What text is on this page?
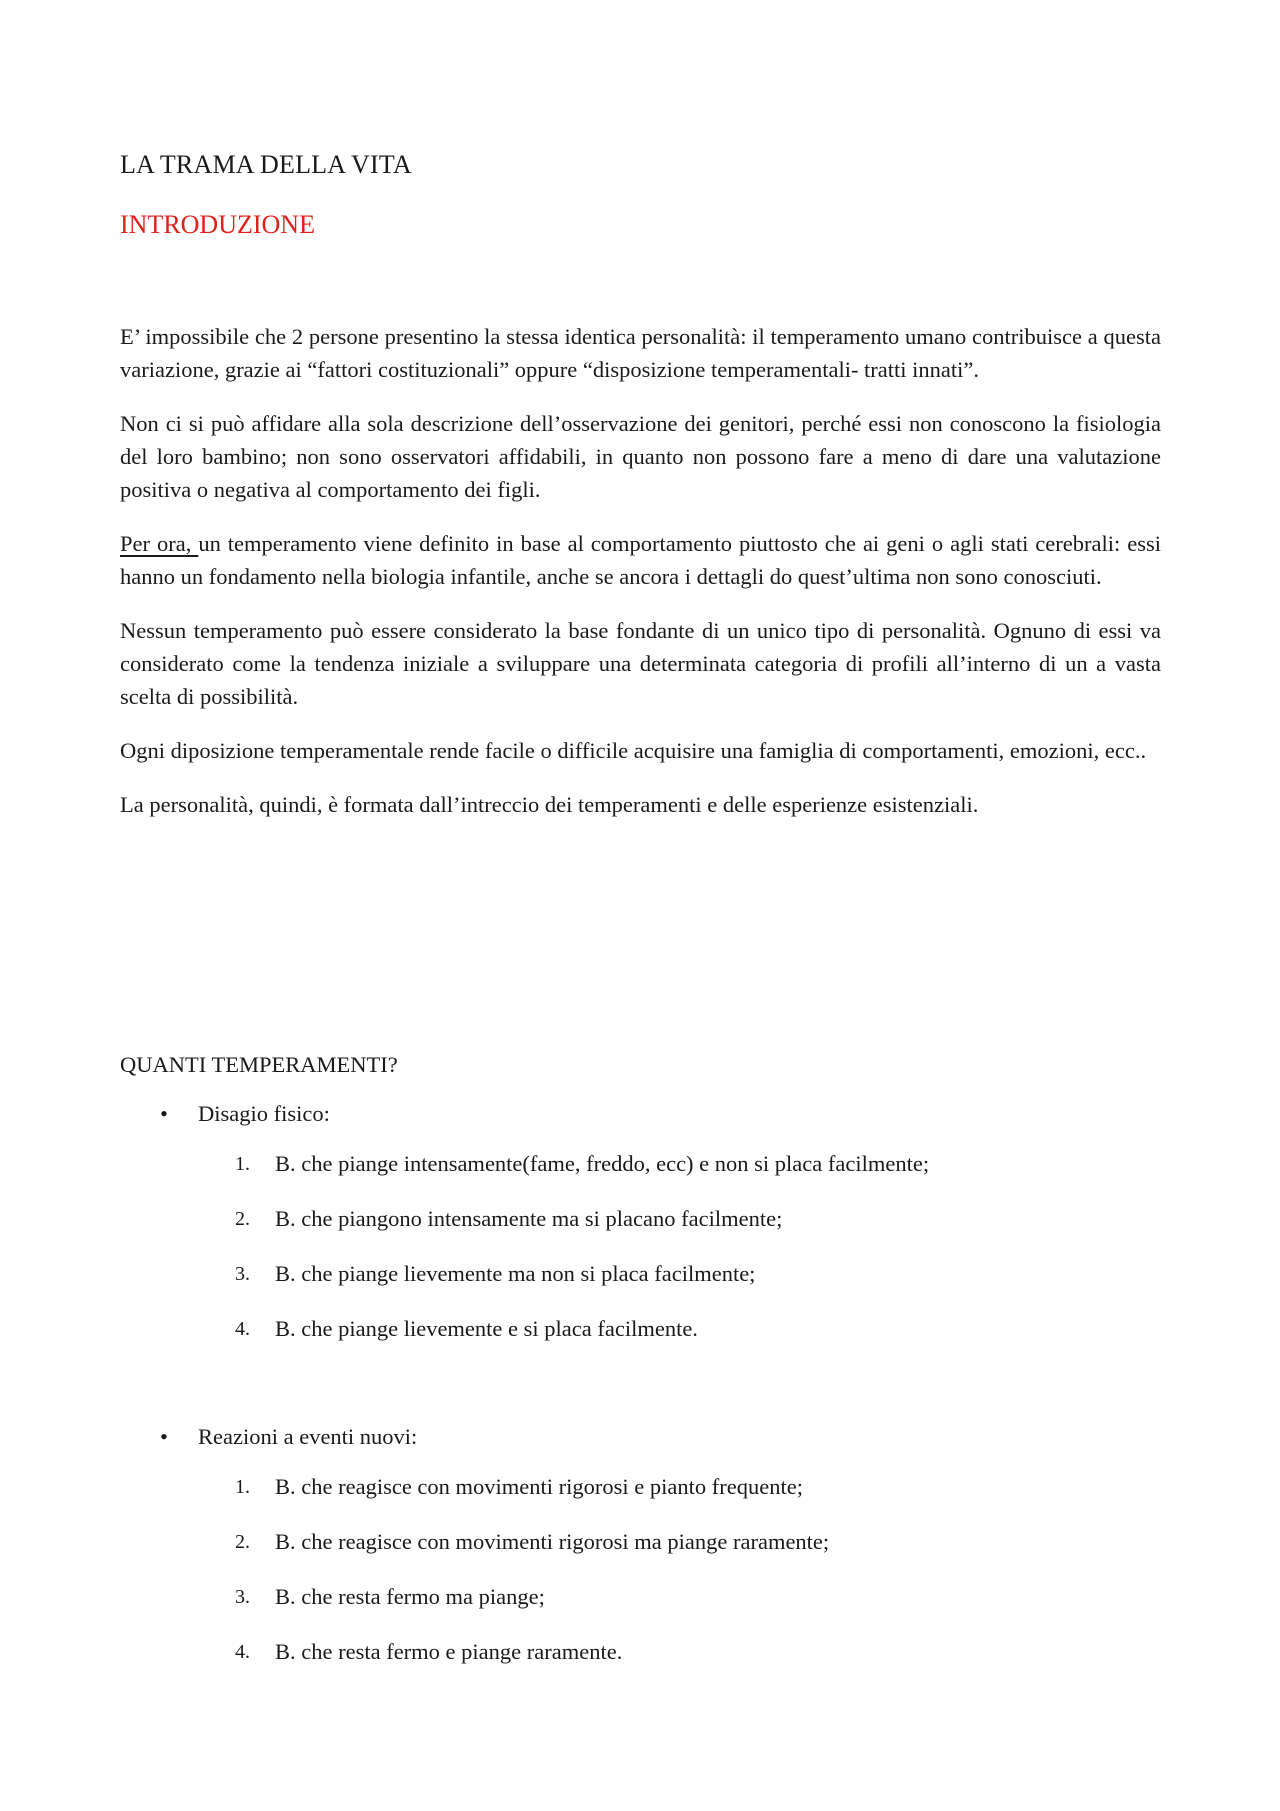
LA TRAMA DELLA VITA
INTRODUZIONE

E’ impossibile che 2 persone presentino la stessa identica personalità: il temperamento umano contribuisce a questa variazione, grazie ai “fattori costituzionali” oppure “disposizione temperamentali- tratti innati”.

Non ci si può affidare alla sola descrizione dell’osservazione dei genitori, perché essi non conoscono la fisiologia del loro bambino; non sono osservatori affidabili, in quanto non possono fare a meno di dare una valutazione positiva o negativa al comportamento dei figli.

Per ora, un temperamento viene definito in base al comportamento piuttosto che ai geni o agli stati cerebrali: essi hanno un fondamento nella biologia infantile, anche se ancora i dettagli do quest’ultima non sono conosciuti.

Nessun temperamento può essere considerato la base fondante di un unico tipo di personalità. Ognuno di essi va considerato come la tendenza iniziale a sviluppare una determinata categoria di profili all’interno di un a vasta scelta di possibilità.

Ogni diposizione temperamentale rende facile o difficile acquisire una famiglia di comportamenti, emozioni, ecc..

La personalità, quindi, è formata dall’intreccio dei temperamenti e delle esperienze esistenziali.

QUANTI TEMPERAMENTI?
• Disagio fisico:
1. B. che piange intensamente(fame, freddo, ecc) e non si placa facilmente;
2. B. che piangono intensamente ma si placano facilmente;
3. B. che piange lievemente ma non si placa facilmente;
4. B. che piange lievemente e si placa facilmente.
• Reazioni a eventi nuovi:
1. B. che reagisce con movimenti rigorosi e pianto frequente;
2. B. che reagisce con movimenti rigorosi ma piange raramente;
3. B. che resta fermo ma piange;
4. B. che resta fermo e piange raramente.
